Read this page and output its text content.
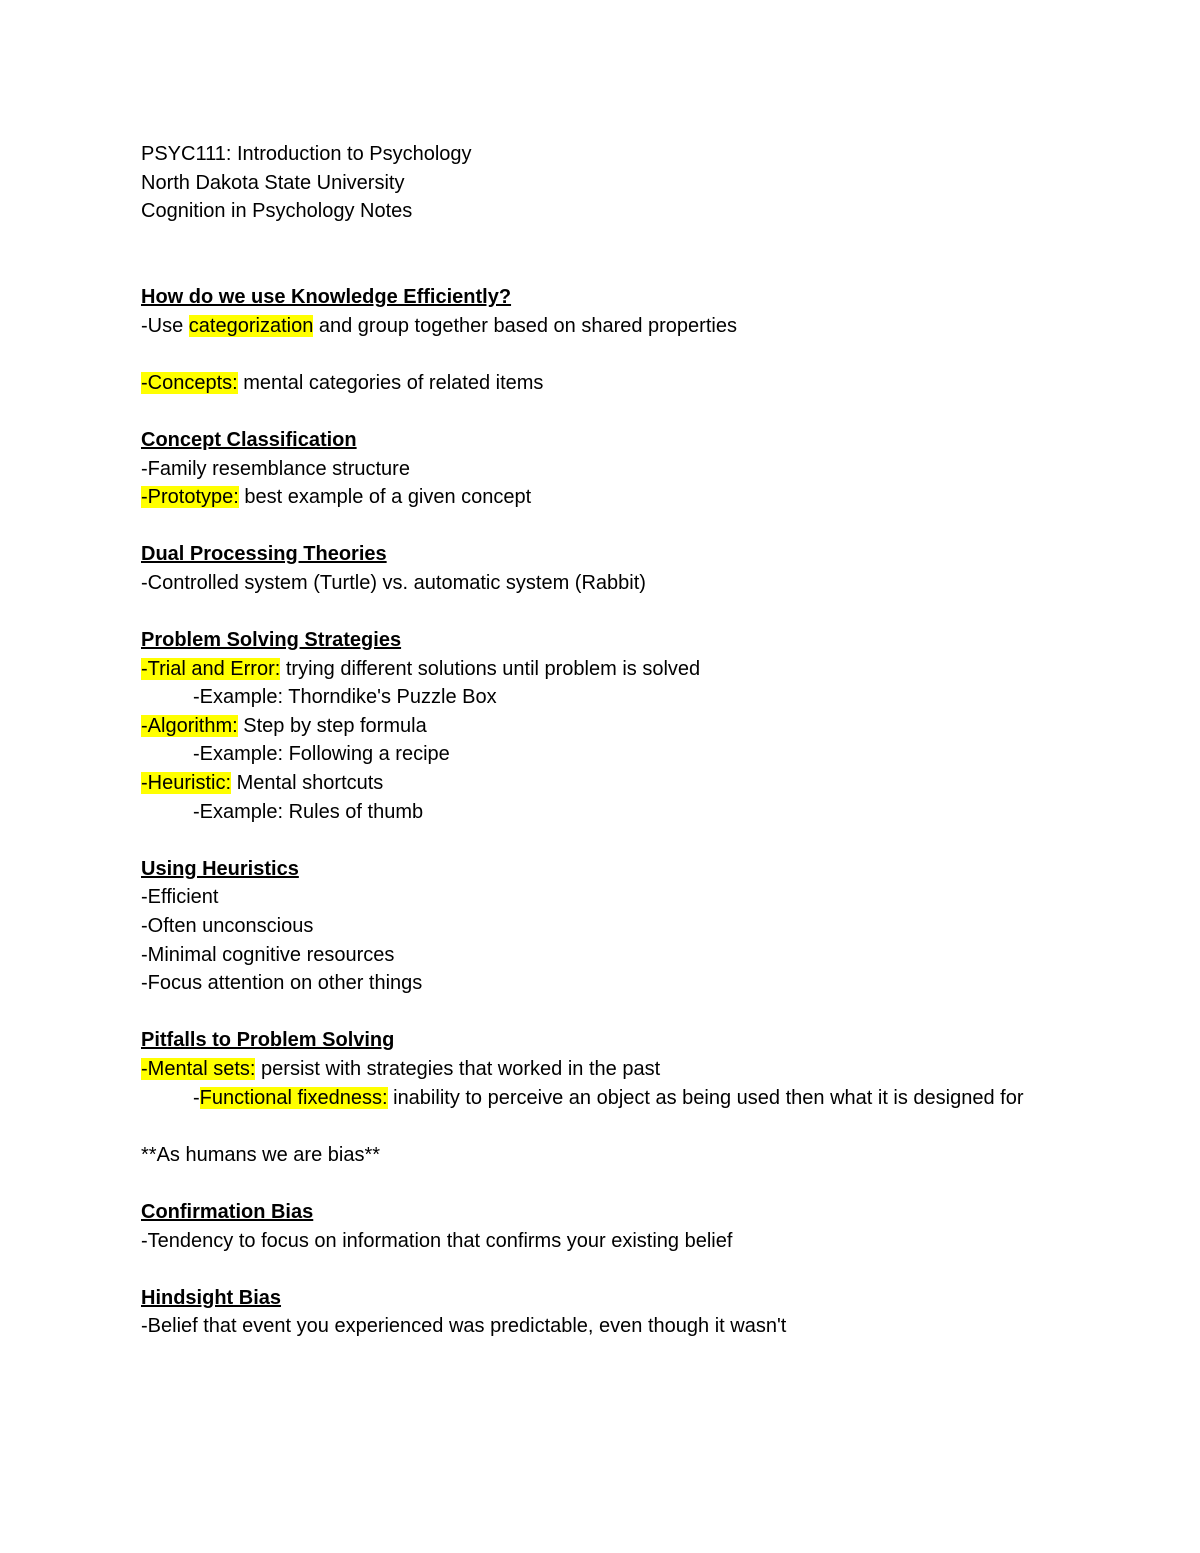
PSYC111: Introduction to Psychology
North Dakota State University
Cognition in Psychology Notes
How do we use Knowledge Efficiently?
-Use categorization and group together based on shared properties
-Concepts: mental categories of related items
Concept Classification
-Family resemblance structure
-Prototype: best example of a given concept
Dual Processing Theories
-Controlled system (Turtle) vs. automatic system (Rabbit)
Problem Solving Strategies
-Trial and Error: trying different solutions until problem is solved
-Example: Thorndike's Puzzle Box
-Algorithm: Step by step formula
-Example: Following a recipe
-Heuristic: Mental shortcuts
-Example: Rules of thumb
Using Heuristics
-Efficient
-Often unconscious
-Minimal cognitive resources
-Focus attention on other things
Pitfalls to Problem Solving
-Mental sets: persist with strategies that worked in the past
-Functional fixedness: inability to perceive an object as being used then what it is designed for
**As humans we are bias**
Confirmation Bias
-Tendency to focus on information that confirms your existing belief
Hindsight Bias
-Belief that event you experienced was predictable, even though it wasn't
